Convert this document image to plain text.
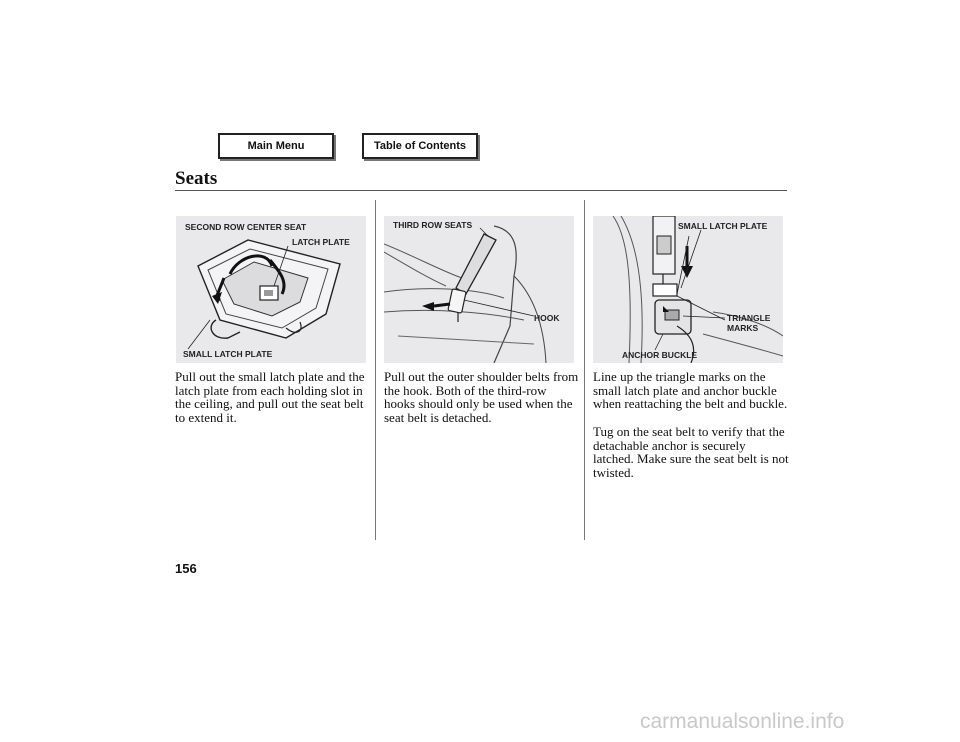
Main Menu	Table of Contents
Seats
SECOND ROW CENTER SEAT
LATCH PLATE
SMALL LATCH PLATE
THIRD ROW SEATS
HOOK
SMALL LATCH PLATE
TRIANGLE
MARKS
ANCHOR BUCKLE

Pull out the small latch plate and the latch plate from each holding slot in the ceiling, and pull out the seat belt to extend it.

Pull out the outer shoulder belts from the hook. Both of the third-row hooks should only be used when the seat belt is detached.

Line up the triangle marks on the small latch plate and anchor buckle when reattaching the belt and buckle.

Tug on the seat belt to verify that the detachable anchor is securely latched. Make sure the seat belt is not twisted.

156
carmanualsonline.info
